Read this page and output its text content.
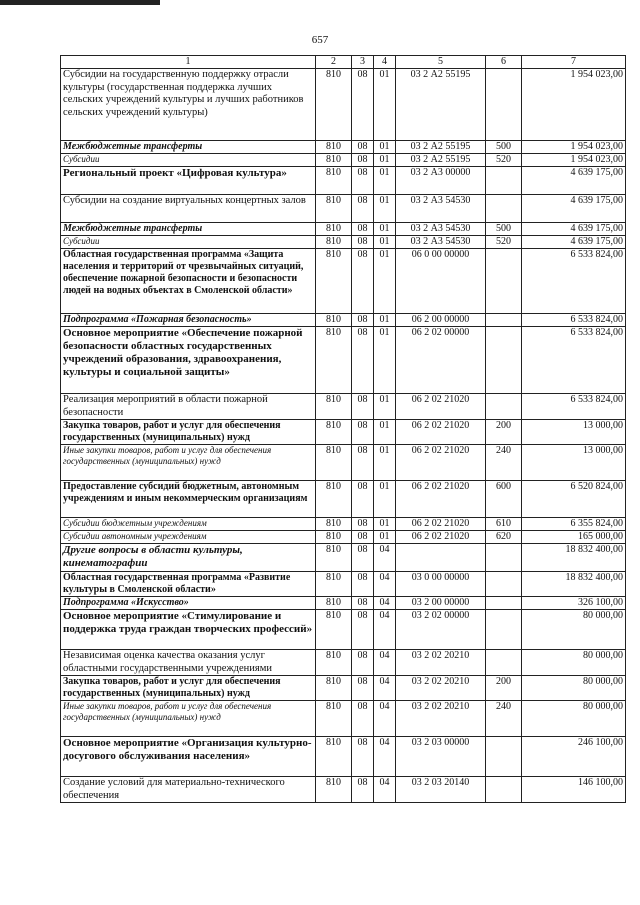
657
1	2	3	4	5	6	7
Субсидии на государственную поддержку отрасли культуры (государственная поддержка лучших сельских учреждений культуры и лучших работников сельских учреждений культуры)	810	08	01	03 2 А2 55195		1 954 023,00
Межбюджетные трансферты	810	08	01	03 2 А2 55195	500	1 954 023,00
Субсидии	810	08	01	03 2 А2 55195	520	1 954 023,00
Региональный проект «Цифровая культура»	810	08	01	03 2 А3 00000		4 639 175,00
Субсидии на создание виртуальных концертных залов	810	08	01	03 2 А3 54530		4 639 175,00
Межбюджетные трансферты	810	08	01	03 2 А3 54530	500	4 639 175,00
Субсидии	810	08	01	03 2 А3 54530	520	4 639 175,00
Областная государственная программа «Защита населения и территорий от чрезвычайных ситуаций, обеспечение пожарной безопасности и безопасности людей на водных объектах в Смоленской области»	810	08	01	06 0 00 00000		6 533 824,00
Подпрограмма «Пожарная безопасность»	810	08	01	06 2 00 00000		6 533 824,00
Основное мероприятие «Обеспечение пожарной безопасности областных государственных учреждений образования, здравоохранения, культуры и социальной защиты»	810	08	01	06 2 02 00000		6 533 824,00
Реализация мероприятий в области пожарной безопасности	810	08	01	06 2 02 21020		6 533 824,00
Закупка товаров, работ и услуг для обеспечения государственных (муниципальных) нужд	810	08	01	06 2 02 21020	200	13 000,00
Иные закупки товаров, работ и услуг для обеспечения государственных (муниципальных) нужд	810	08	01	06 2 02 21020	240	13 000,00
Предоставление субсидий бюджетным, автономным учреждениям и иным некоммерческим организациям	810	08	01	06 2 02 21020	600	6 520 824,00
Субсидии бюджетным учреждениям	810	08	01	06 2 02 21020	610	6 355 824,00
Субсидии автономным учреждениям	810	08	01	06 2 02 21020	620	165 000,00
Другие вопросы в области культуры, кинематографии	810	08	04			18 832 400,00
Областная государственная программа «Развитие культуры в Смоленской области»	810	08	04	03 0 00 00000		18 832 400,00
Подпрограмма «Искусство»	810	08	04	03 2 00 00000		326 100,00
Основное мероприятие «Стимулирование и поддержка труда граждан творческих профессий»	810	08	04	03 2 02 00000		80 000,00
Независимая оценка качества оказания услуг областными государственными учреждениями	810	08	04	03 2 02 20210		80 000,00
Закупка товаров, работ и услуг для обеспечения государственных (муниципальных) нужд	810	08	04	03 2 02 20210	200	80 000,00
Иные закупки товаров, работ и услуг для обеспечения государственных (муниципальных) нужд	810	08	04	03 2 02 20210	240	80 000,00
Основное мероприятие «Организация культурно-досугового обслуживания населения»	810	08	04	03 2 03 00000		246 100,00
Создание условий для материально-технического обеспечения	810	08	04	03 2 03 20140		146 100,00
